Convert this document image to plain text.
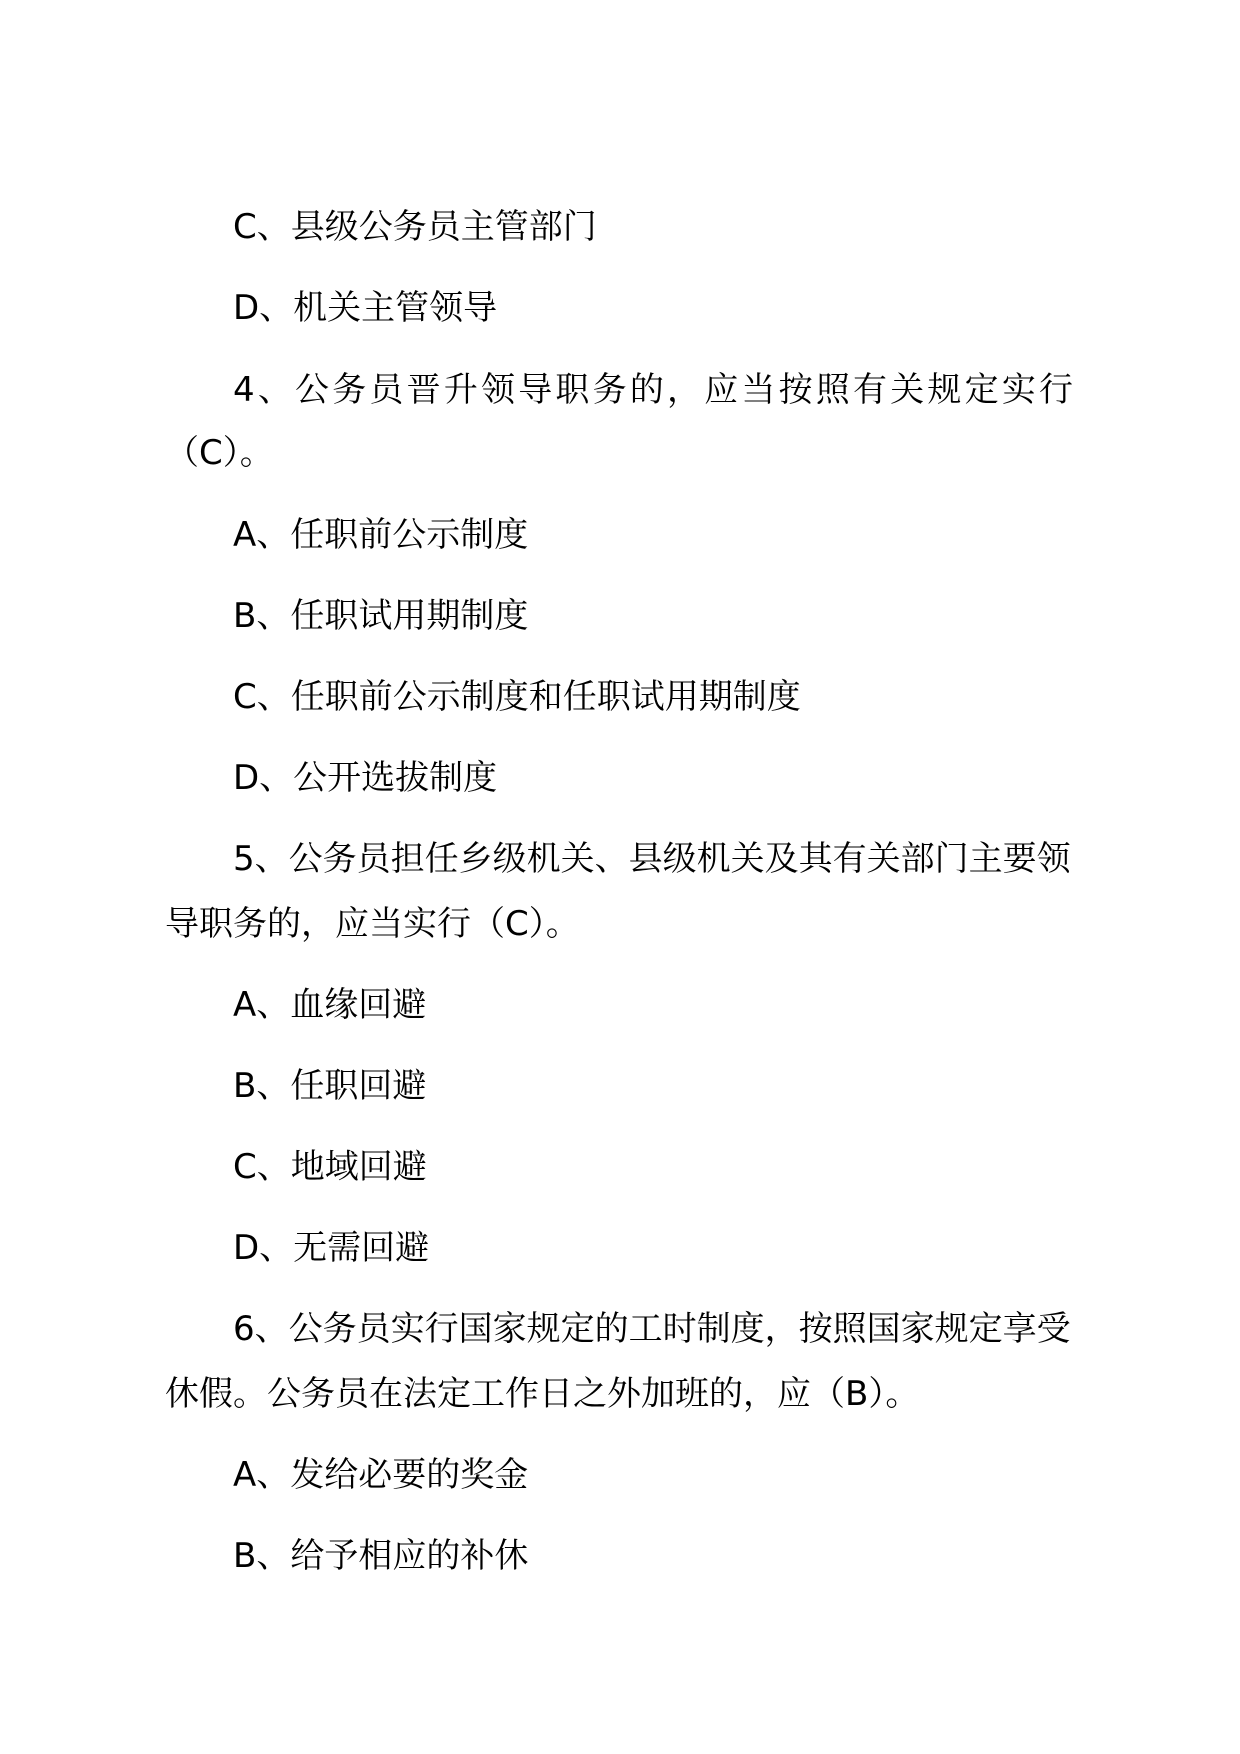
C、县级公务员主管部门
D、机关主管领导
4、公务员晋升领导职务的，应当按照有关规定实行
（C）。
A、任职前公示制度
B、任职试用期制度
C、任职前公示制度和任职试用期制度
D、公开选拔制度
5、公务员担任乡级机关、县级机关及其有关部门主要领
导职务的，应当实行（C）。
A、血缘回避
B、任职回避
C、地域回避
D、无需回避
6、公务员实行国家规定的工时制度，按照国家规定享受
休假。公务员在法定工作日之外加班的，应（B）。
A、发给必要的奖金
B、给予相应的补休
